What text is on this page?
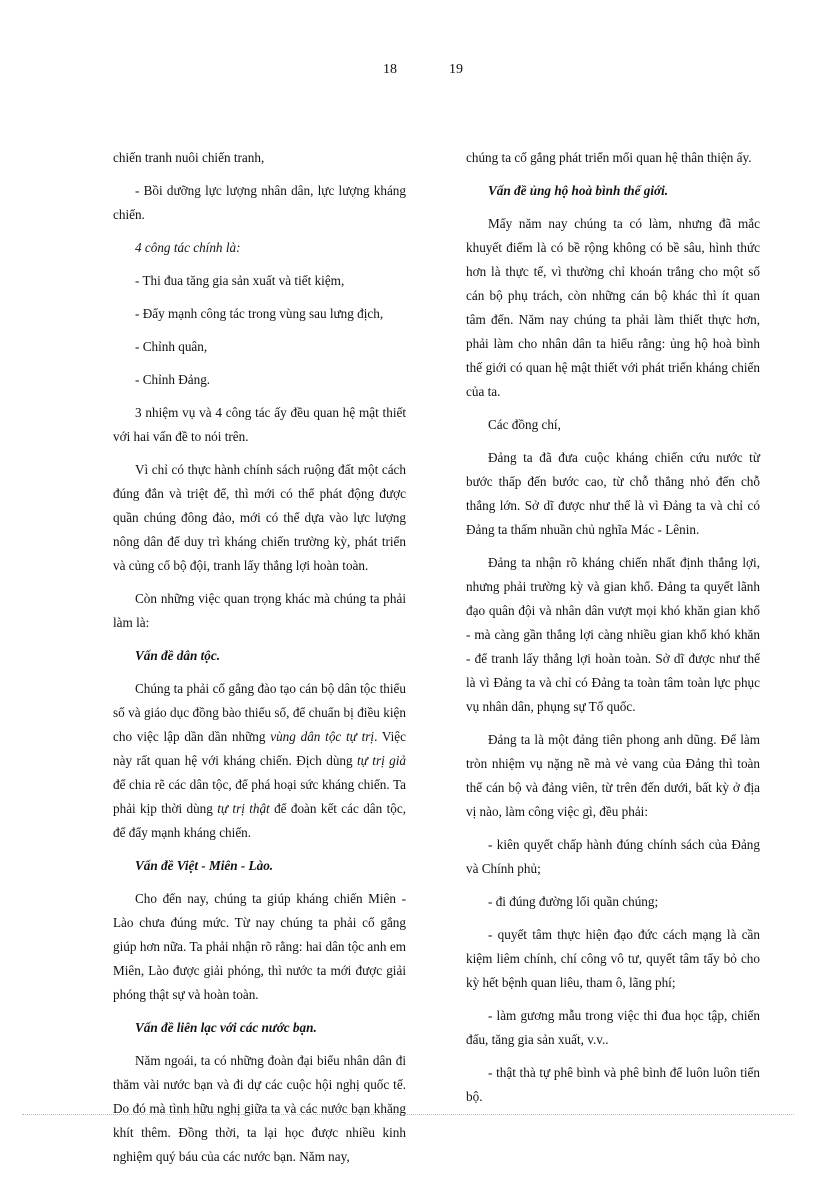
18	19

chiến tranh nuôi chiến tranh,

- Bồi dưỡng lực lượng nhân dân, lực lượng kháng chiến.

4 công tác chính là:

- Thi đua tăng gia sản xuất và tiết kiệm,

- Đẩy mạnh công tác trong vùng sau lưng địch,

- Chỉnh quân,

- Chỉnh Đảng.

3 nhiệm vụ và 4 công tác ấy đều quan hệ mật thiết với hai vấn đề to nói trên.

Vì chỉ có thực hành chính sách ruộng đất một cách đúng đắn và triệt để, thì mới có thể phát động được quần chúng đông đảo, mới có thể dựa vào lực lượng nông dân để duy trì kháng chiến trường kỳ, phát triển và củng cố bộ đội, tranh lấy thắng lợi hoàn toàn.

Còn những việc quan trọng khác mà chúng ta phải làm là:

Vấn đề dân tộc.

Chúng ta phải cố gắng đào tạo cán bộ dân tộc thiểu số và giáo dục đồng bào thiểu số, để chuẩn bị điều kiện cho việc lập dần dần những vùng dân tộc tự trị. Việc này rất quan hệ với kháng chiến. Địch dùng tự trị giả để chia rẽ các dân tộc, để phá hoại sức kháng chiến. Ta phải kịp thời dùng tự trị thật để đoàn kết các dân tộc, để đẩy mạnh kháng chiến.

Vấn đề Việt - Miên - Lào.

Cho đến nay, chúng ta giúp kháng chiến Miên - Lào chưa đúng mức. Từ nay chúng ta phải cố gắng giúp hơn nữa. Ta phải nhận rõ rằng: hai dân tộc anh em Miên, Lào được giải phóng, thì nước ta mới được giải phóng thật sự và hoàn toàn.

Vấn đề liên lạc với các nước bạn.

Năm ngoái, ta có những đoàn đại biểu nhân dân đi thăm vài nước bạn và đi dự các cuộc hội nghị quốc tế. Do đó mà tình hữu nghị giữa ta và các nước bạn khăng khít thêm. Đồng thời, ta lại học được nhiều kinh nghiệm quý báu của các nước bạn. Năm nay,

chúng ta cố gắng phát triển mối quan hệ thân thiện ấy.

Vấn đề ủng hộ hoà bình thế giới.

Mấy năm nay chúng ta có làm, nhưng đã mắc khuyết điểm là có bề rộng không có bề sâu, hình thức hơn là thực tế, vì thường chỉ khoán trắng cho một số cán bộ phụ trách, còn những cán bộ khác thì ít quan tâm đến. Năm nay chúng ta phải làm thiết thực hơn, phải làm cho nhân dân ta hiểu rằng: ủng hộ hoà bình thế giới có quan hệ mật thiết với phát triển kháng chiến của ta.

Các đồng chí,

Đảng ta đã đưa cuộc kháng chiến cứu nước từ bước thấp đến bước cao, từ chỗ thắng nhỏ đến chỗ thắng lớn. Sở dĩ được như thế là vì Đảng ta và chỉ có Đảng ta thấm nhuần chủ nghĩa Mác - Lênin.

Đảng ta nhận rõ kháng chiến nhất định thắng lợi, nhưng phải trường kỳ và gian khổ. Đảng ta quyết lãnh đạo quân đội và nhân dân vượt mọi khó khăn gian khổ - mà càng gần thắng lợi càng nhiều gian khổ khó khăn - để tranh lấy thắng lợi hoàn toàn. Sở dĩ được như thế là vì Đảng ta và chỉ có Đảng ta toàn tâm toàn lực phục vụ nhân dân, phụng sự Tổ quốc.

Đảng ta là một đảng tiên phong anh dũng. Để làm tròn nhiệm vụ nặng nề mà vẻ vang của Đảng thì toàn thể cán bộ và đảng viên, từ trên đến dưới, bất kỳ ở địa vị nào, làm công việc gì, đều phải:

- kiên quyết chấp hành đúng chính sách của Đảng và Chính phủ;

- đi đúng đường lối quần chúng;

- quyết tâm thực hiện đạo đức cách mạng là cần kiệm liêm chính, chí công vô tư, quyết tâm tẩy bỏ cho kỳ hết bệnh quan liêu, tham ô, lãng phí;

- làm gương mẫu trong việc thi đua học tập, chiến đấu, tăng gia sản xuất, v.v..

- thật thà tự phê bình và phê bình để luôn luôn tiến bộ.
